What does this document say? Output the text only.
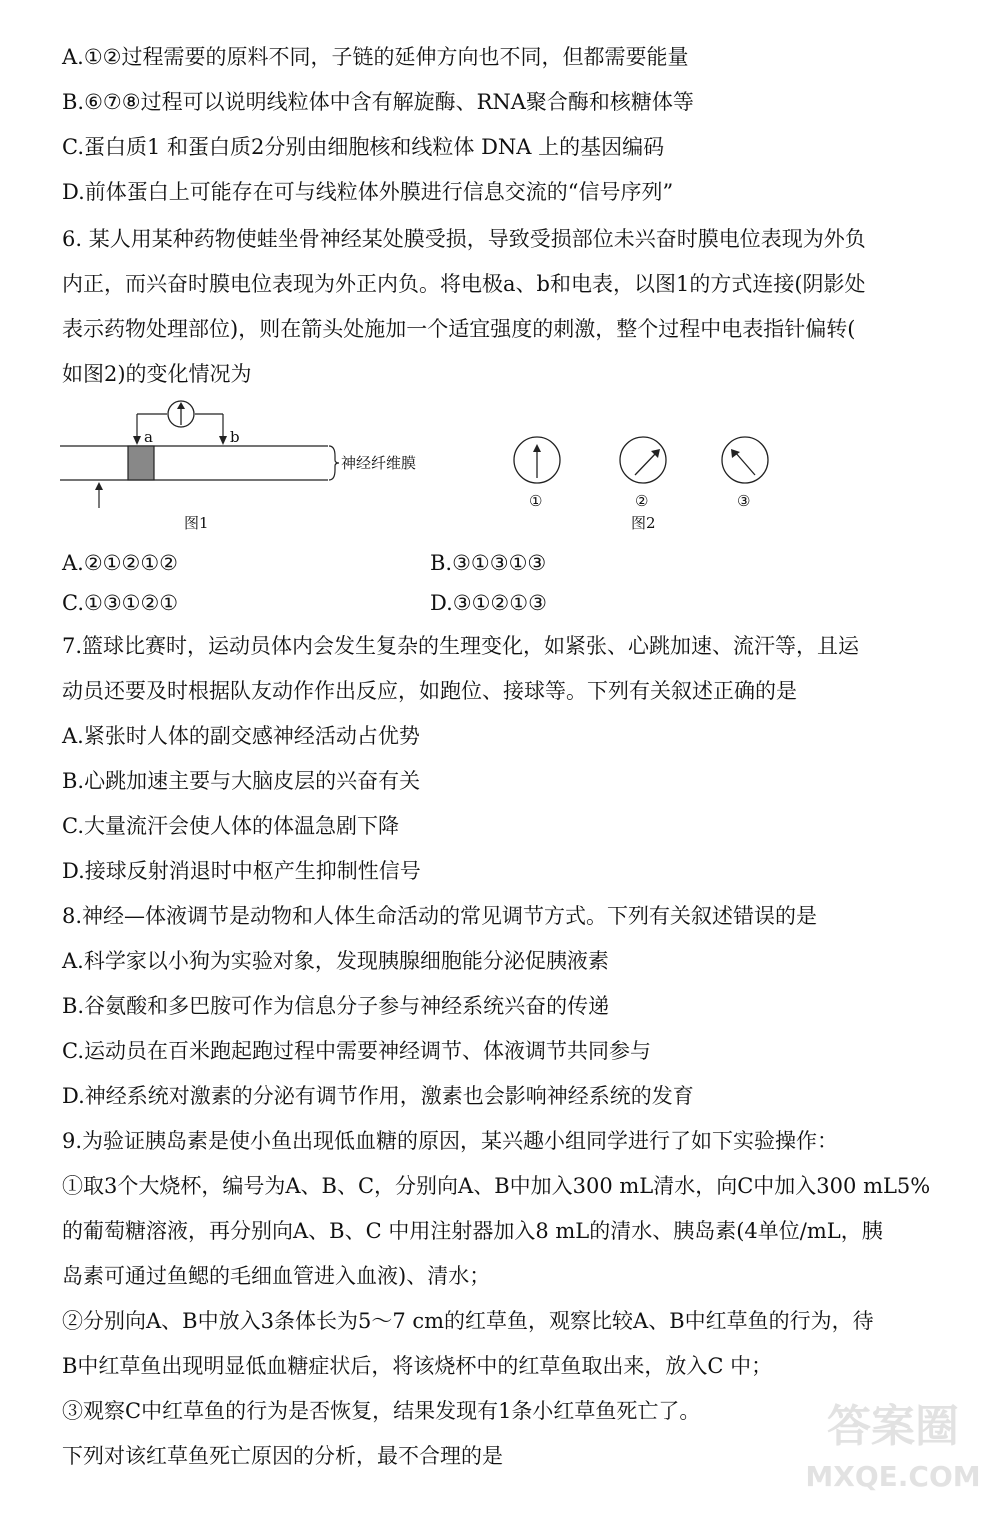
A.①②过程需要的原料不同，子链的延伸方向也不同，但都需要能量
B.⑥⑦⑧过程可以说明线粒体中含有解旋酶、RNA聚合酶和核糖体等
C.蛋白质1 和蛋白质2分别由细胞核和线粒体 DNA 上的基因编码
D.前体蛋白上可能存在可与线粒体外膜进行信息交流的“信号序列”
6. 某人用某种药物使蛙坐骨神经某处膜受损，导致受损部位未兴奋时膜电位表现为外负
内正，而兴奋时膜电位表现为外正内负。将电极a、b和电表，以图1的方式连接(阴影处
表示药物处理部位)，则在箭头处施加一个适宜强度的刺激，整个过程中电表指针偏转(
如图2)的变化情况为
a	b
神经纤维膜
图1
①	②	③
图2
A.②①②①②	B.③①③①③
C.①③①②①	D.③①②①③
7.篮球比赛时，运动员体内会发生复杂的生理变化，如紧张、心跳加速、流汗等，且运
动员还要及时根据队友动作作出反应，如跑位、接球等。下列有关叙述正确的是
A.紧张时人体的副交感神经活动占优势
B.心跳加速主要与大脑皮层的兴奋有关
C.大量流汗会使人体的体温急剧下降
D.接球反射消退时中枢产生抑制性信号
8.神经—体液调节是动物和人体生命活动的常见调节方式。下列有关叙述错误的是
A.科学家以小狗为实验对象，发现胰腺细胞能分泌促胰液素
B.谷氨酸和多巴胺可作为信息分子参与神经系统兴奋的传递
C.运动员在百米跑起跑过程中需要神经调节、体液调节共同参与
D.神经系统对激素的分泌有调节作用，激素也会影响神经系统的发育
9.为验证胰岛素是使小鱼出现低血糖的原因，某兴趣小组同学进行了如下实验操作：
①取3个大烧杯，编号为A、B、C，分别向A、B中加入300 mL清水，向C中加入300 mL5%
的葡萄糖溶液，再分别向A、B、C 中用注射器加入8 mL的清水、胰岛素(4单位/mL，胰
岛素可通过鱼鳃的毛细血管进入血液)、清水；
②分别向A、B中放入3条体长为5～7 cm的红草鱼，观察比较A、B中红草鱼的行为，待
B中红草鱼出现明显低血糖症状后，将该烧杯中的红草鱼取出来，放入C 中；
③观察C中红草鱼的行为是否恢复，结果发现有1条小红草鱼死亡了。
下列对该红草鱼死亡原因的分析，最不合理的是
答案圈
MXQE.COM
